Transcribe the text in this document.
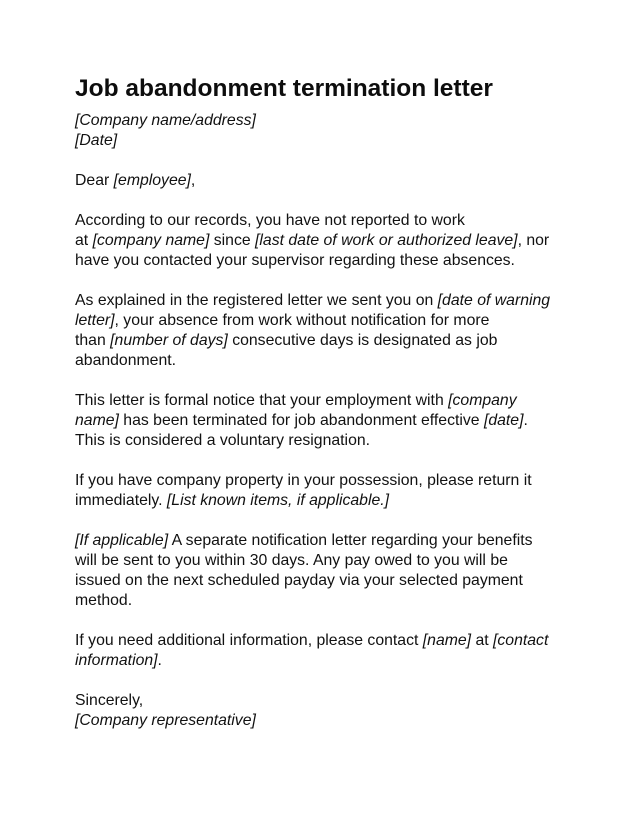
Job abandonment termination letter
[Company name/address]
[Date]
Dear [employee],
According to our records, you have not reported to work
at [company name] since [last date of work or authorized leave], nor
have you contacted your supervisor regarding these absences.
As explained in the registered letter we sent you on [date of warning
letter], your absence from work without notification for more
than [number of days] consecutive days is designated as job
abandonment.
This letter is formal notice that your employment with [company
name] has been terminated for job abandonment effective [date].
This is considered a voluntary resignation.
If you have company property in your possession, please return it
immediately. [List known items, if applicable.]
[If applicable] A separate notification letter regarding your benefits
will be sent to you within 30 days. Any pay owed to you will be
issued on the next scheduled payday via your selected payment
method.
If you need additional information, please contact [name] at [contact
information].
Sincerely,
[Company representative]
